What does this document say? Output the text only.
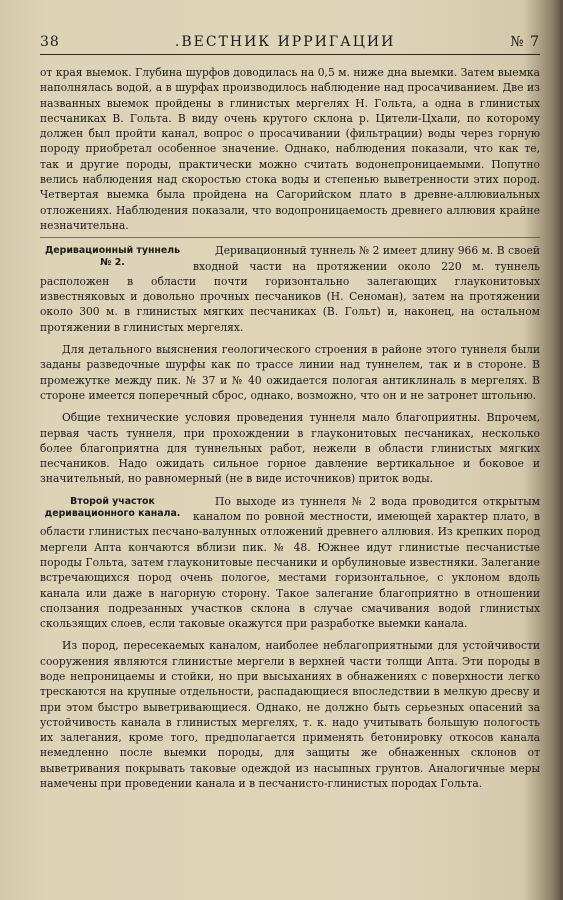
38	.ВЕСТНИК ИРРИГАЦИИ	№ 7

от края выемок. Глубина шурфов доводилась на 0,5 м. ниже дна выемки. Затем выемка наполнялась водой, а в шурфах производилось наблюдение над просачиванием. Две из названных выемок пройдены в глинистых мергелях Н. Гольта, а одна в глинистых песчаниках В. Гольта. В виду очень крутого склона р. Цители-Цхали, по которому должен был пройти канал, вопрос о просачивании (фильтрации) воды через горную породу приобретал особенное значение. Однако, наблюдения показали, что как те, так и другие породы, практически можно считать водонепроницаемыми. Попутно велись наблюдения над скоростью стока воды и степенью выветренности этих пород. Четвертая выемка была пройдена на Сагорийском плато в древне-аллювиальных отложениях. Наблюдения показали, что водопроницаемость древнего аллювия крайне незначительна.

Деривационный туннель № 2.

Деривационный туннель № 2 имеет длину 966 м. В своей входной части на протяжении около 220 м. туннель расположен в области почти горизонтально залегающих глауконитовых известняковых и довольно прочных песчаников (Н. Сеноман), затем на протяжении около 300 м. в глинистых мягких песчаниках (В. Гольт) и, наконец, на остальном протяжении в глинистых мергелях.

Для детального выяснения геологического строения в районе этого туннеля были заданы разведочные шурфы как по трассе линии над туннелем, так и в стороне. В промежутке между пик. № 37 и № 40 ожидается пологая антиклиналь в мергелях. В стороне имеется поперечный сброс, однако, возможно, что он и не затронет штольню.

Общие технические условия проведения туннеля мало благоприятны. Впрочем, первая часть туннеля, при прохождении в глауконитовых песчаниках, несколько более благоприятна для туннельных работ, нежели в области глинистых мягких песчаников. Надо ожидать сильное горное давление вертикальное и боковое и значительный, но равномерный (не в виде источников) приток воды.

Второй участок деривационного канала.

По выходе из туннеля № 2 вода проводится открытым каналом по ровной местности, имеющей характер плато, в области глинистых песчано-валунных отложений древнего аллювия. Из крепких пород мергели Апта кончаются вблизи пик. № 48. Южнее идут глинистые песчанистые породы Гольта, затем глауконитовые песчаники и орбулиновые известняки. Залегание встречающихся пород очень пологое, местами горизонтальное, с уклоном вдоль канала или даже в нагорную сторону. Такое залегание благоприятно в отношении сползания подрезанных участков склона в случае смачивания водой глинистых скользящих слоев, если таковые окажутся при разработке выемки канала.

Из пород, пересекаемых каналом, наиболее неблагоприятными для устойчивости сооружения являются глинистые мергели в верхней части толщи Апта. Эти породы в воде непроницаемы и стойки, но при высыханиях в обнажениях с поверхности легко трескаются на крупные отдельности, распадающиеся впоследствии в мелкую дресву и при этом быстро выветривающиеся. Однако, не должно быть серьезных опасений за устойчивость канала в глинистых мергелях, т. к. надо учитывать большую пологость их залегания, кроме того, предполагается применять бетонировку откосов канала немедленно после выемки породы, для защиты же обнаженных склонов от выветривания покрывать таковые одеждой из насыпных грунтов. Аналогичные меры намечены при проведении канала и в песчанисто-глинистых породах Гольта.
